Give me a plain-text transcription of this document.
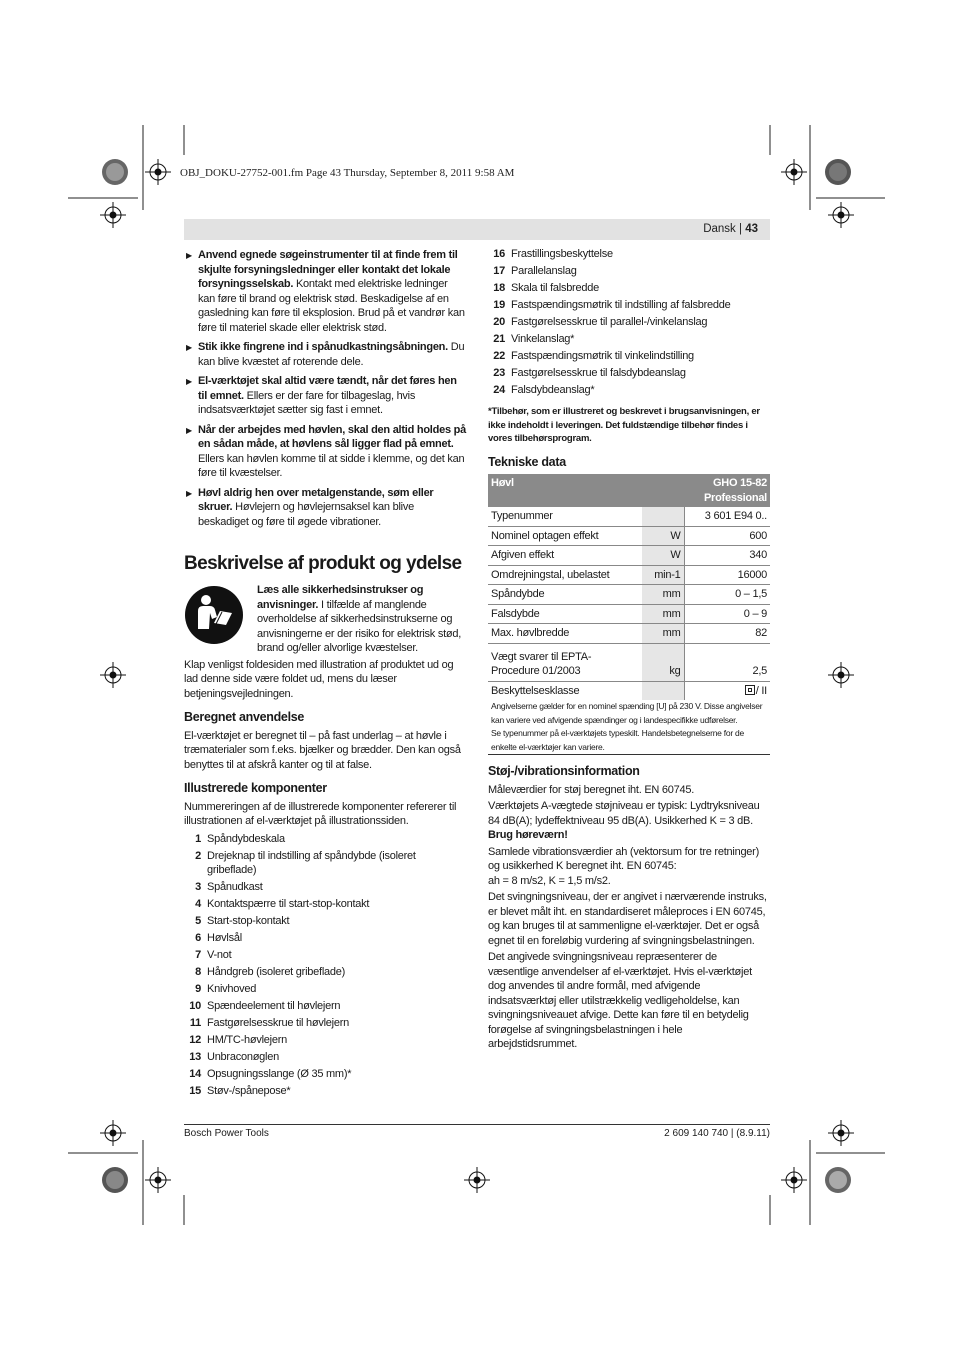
OBJ_DOKU-27752-001.fm Page 43 Thursday, September 8, 2011 9:58 AM
Dansk | 43
▶ Anvend egnede søgeinstrumenter til at finde frem til skjulte forsyningsledninger eller kontakt det lokale forsyningsselskab. Kontakt med elektriske ledninger kan føre til brand og elektrisk stød. Beskadigelse af en gasledning kan føre til eksplosion. Brud på et vandrør kan føre til materiel skade eller elektrisk stød.
▶ Stik ikke fingrene ind i spånudkastningsåbningen. Du kan blive kvæstet af roterende dele.
▶ El-værktøjet skal altid være tændt, når det føres hen til emnet. Ellers er der fare for tilbageslag, hvis indsatsværktøjet sætter sig fast i emnet.
▶ Når der arbejdes med høvlen, skal den altid holdes på en sådan måde, at høvlens sål ligger flad på emnet. Ellers kan høvlen komme til at sidde i klemme, og det kan føre til kvæstelser.
▶ Høvl aldrig hen over metalgenstande, søm eller skruer. Høvlejern og høvlejernsaksel kan blive beskadiget og føre til øgede vibrationer.
Beskrivelse af produkt og ydelse
Læs alle sikkerhedsinstrukser og anvisninger. I tilfælde af manglende overholdelse af sikkerhedsinstrukserne og anvisningerne er der risiko for elektrisk stød, brand og/eller alvorlige kvæstelser.
Klap venligst foldesiden med illustration af produktet ud og lad denne side være foldet ud, mens du læser betjeningsvejledningen.
Beregnet anvendelse
El-værktøjet er beregnet til – på fast underlag – at høvle i træmaterialer som f.eks. bjælker og brædder. Den kan også benyttes til at afskrå kanter og til at false.
Illustrerede komponenter
Nummereringen af de illustrerede komponenter refererer til illustrationen af el-værktøjet på illustrationssiden.
1 Spåndybdeskala
2 Drejeknap til indstilling af spåndybde (isoleret gribeflade)
3 Spånudkast
4 Kontaktspærre til start-stop-kontakt
5 Start-stop-kontakt
6 Høvlsål
7 V-not
8 Håndgreb (isoleret gribeflade)
9 Knivhoved
10 Spændeelement til høvlejern
11 Fastgørelsesskrue til høvlejern
12 HM/TC-høvlejern
13 Unbraconøglen
14 Opsugningsslange (Ø 35 mm)*
15 Støv-/spånepose*
16 Frastillingsbeskyttelse
17 Parallelanslag
18 Skala til falsbredde
19 Fastspændingsmøtrik til indstilling af falsbredde
20 Fastgørelsesskrue til parallel-/vinkelanslag
21 Vinkelanslag*
22 Fastspændingsmøtrik til vinkelindstilling
23 Fastgørelsesskrue til falsdybdeanslag
24 Falsdybdeanslag*
*Tilbehør, som er illustreret og beskrevet i brugsanvisningen, er ikke indeholdt i leveringen. Det fuldstændige tilbehør findes i vores tilbehørsprogram.
Tekniske data
Høvl		GHO 15-82
Professional
Typenummer		3 601 E94 0..
Nominel optagen effekt	W	600
Afgiven effekt	W	340
Omdrejningstal, ubelastet	min-1	16000
Spåndybde	mm	0 – 1,5
Falsdybde	mm	0 – 9
Max. høvlbredde	mm	82
Vægt svarer til EPTA-Procedure 01/2003	kg	2,5
Beskyttelsesklasse		/ II
Angivelserne gælder for en nominel spænding [U] på 230 V. Disse angivelser kan variere ved afvigende spændinger og i landespecifikke udførelser.
Se typenummer på el-værktøjets typeskilt. Handelsbetegnelserne for de enkelte el-værktøjer kan variere.
Støj-/vibrationsinformation
Måleværdier for støj beregnet iht. EN 60745.
Værktøjets A-vægtede støjniveau er typisk: Lydtryksniveau 84 dB(A); lydeffektniveau 95 dB(A). Usikkerhed K = 3 dB.
Brug høreværn!
Samlede vibrationsværdier ah (vektorsum for tre retninger) og usikkerhed K beregnet iht. EN 60745:
ah = 8 m/s2, K = 1,5 m/s2.
Det svingningsniveau, der er angivet i nærværende instruks, er blevet målt iht. en standardiseret måleproces i EN 60745, og kan bruges til at sammenligne el-værktøjer. Det er også egnet til en foreløbig vurdering af svingningsbelastningen.
Det angivede svingningsniveau repræsenterer de væsentlige anvendelser af el-værktøjet. Hvis el-værktøjet dog anvendes til andre formål, med afvigende indsatsværktøj eller utilstrækkelig vedligeholdelse, kan svingningsniveauet afvige. Dette kan føre til en betydelig forøgelse af svingningsbelastningen i hele arbejdstidsrummet.
Bosch Power Tools	2 609 140 740 | (8.9.11)
